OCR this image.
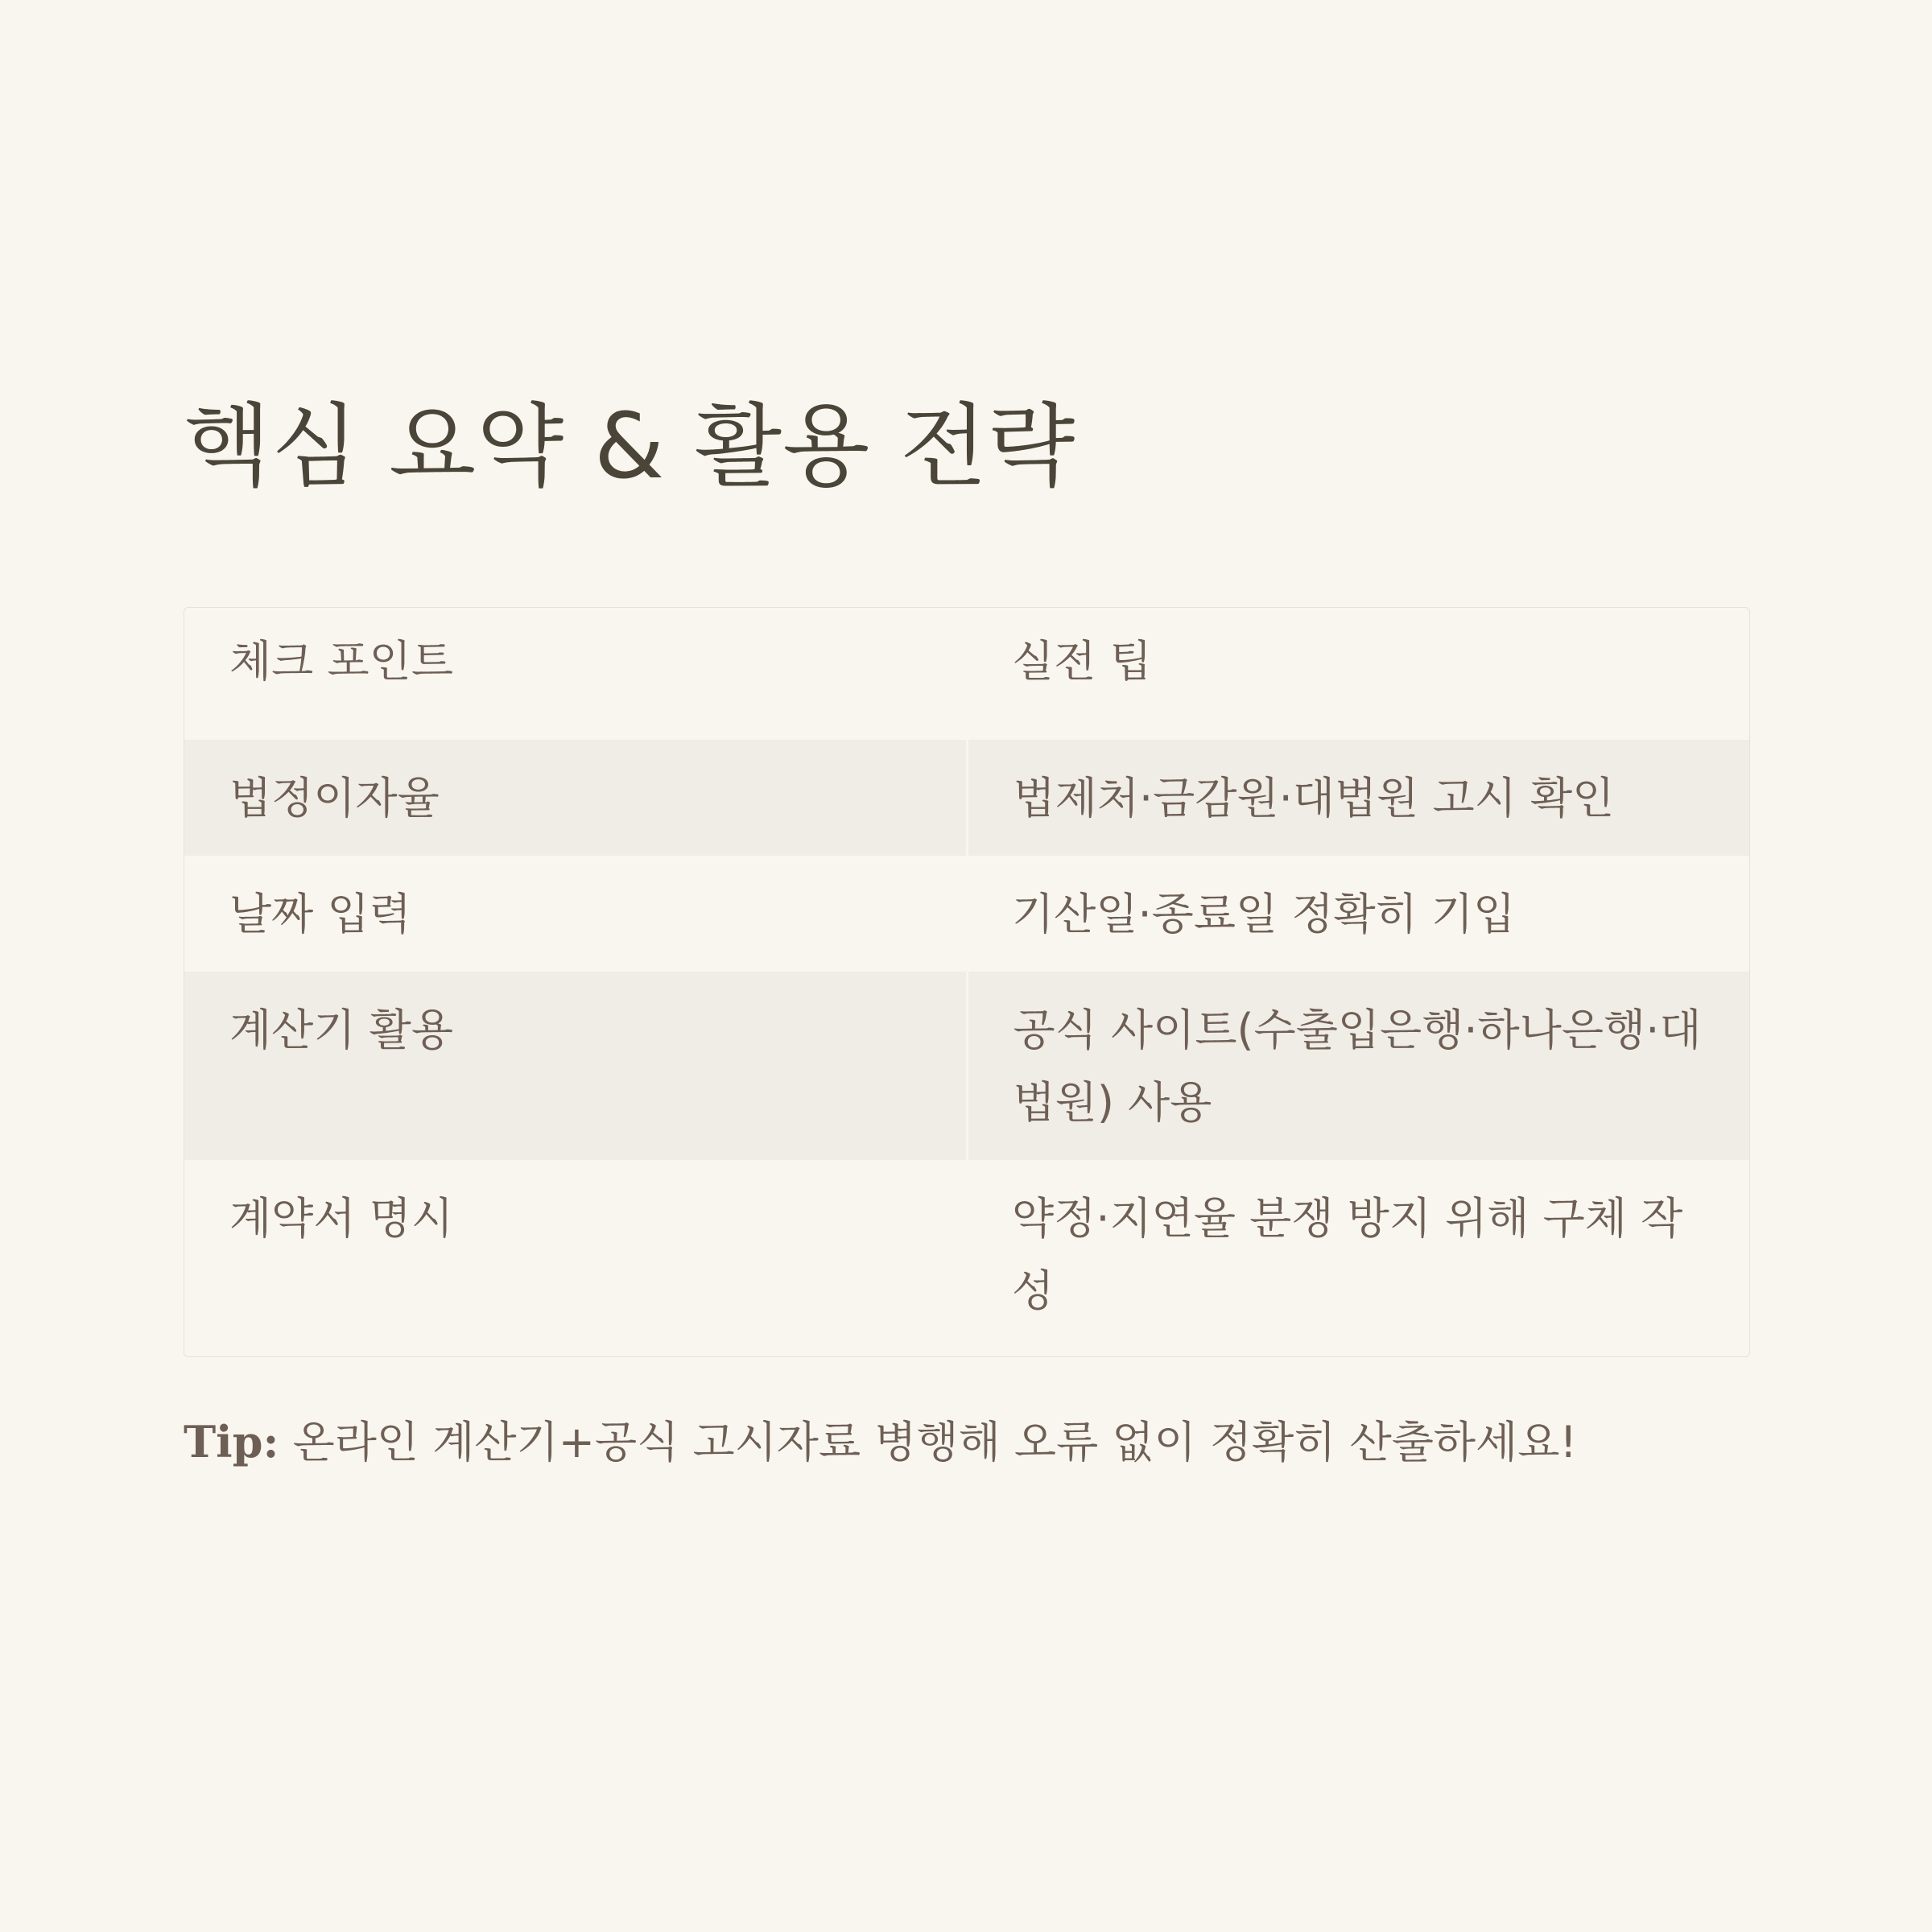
핵심 요약 & 활용 전략
체크 포인트	실전 팁
법정이자율	법제처·금감원·대법원 고시 확인
날짜 입력	기산일·종료일 정확히 기입
계산기 활용	공식 사이트(수출입은행·하나은행·대법원) 사용
계약서 명시	약정·지연율 분쟁 방지 위해 구체 작성
Tip: 온라인 계산기+공식 고시자료 병행해 오류 없이 정확히 산출하세요!
